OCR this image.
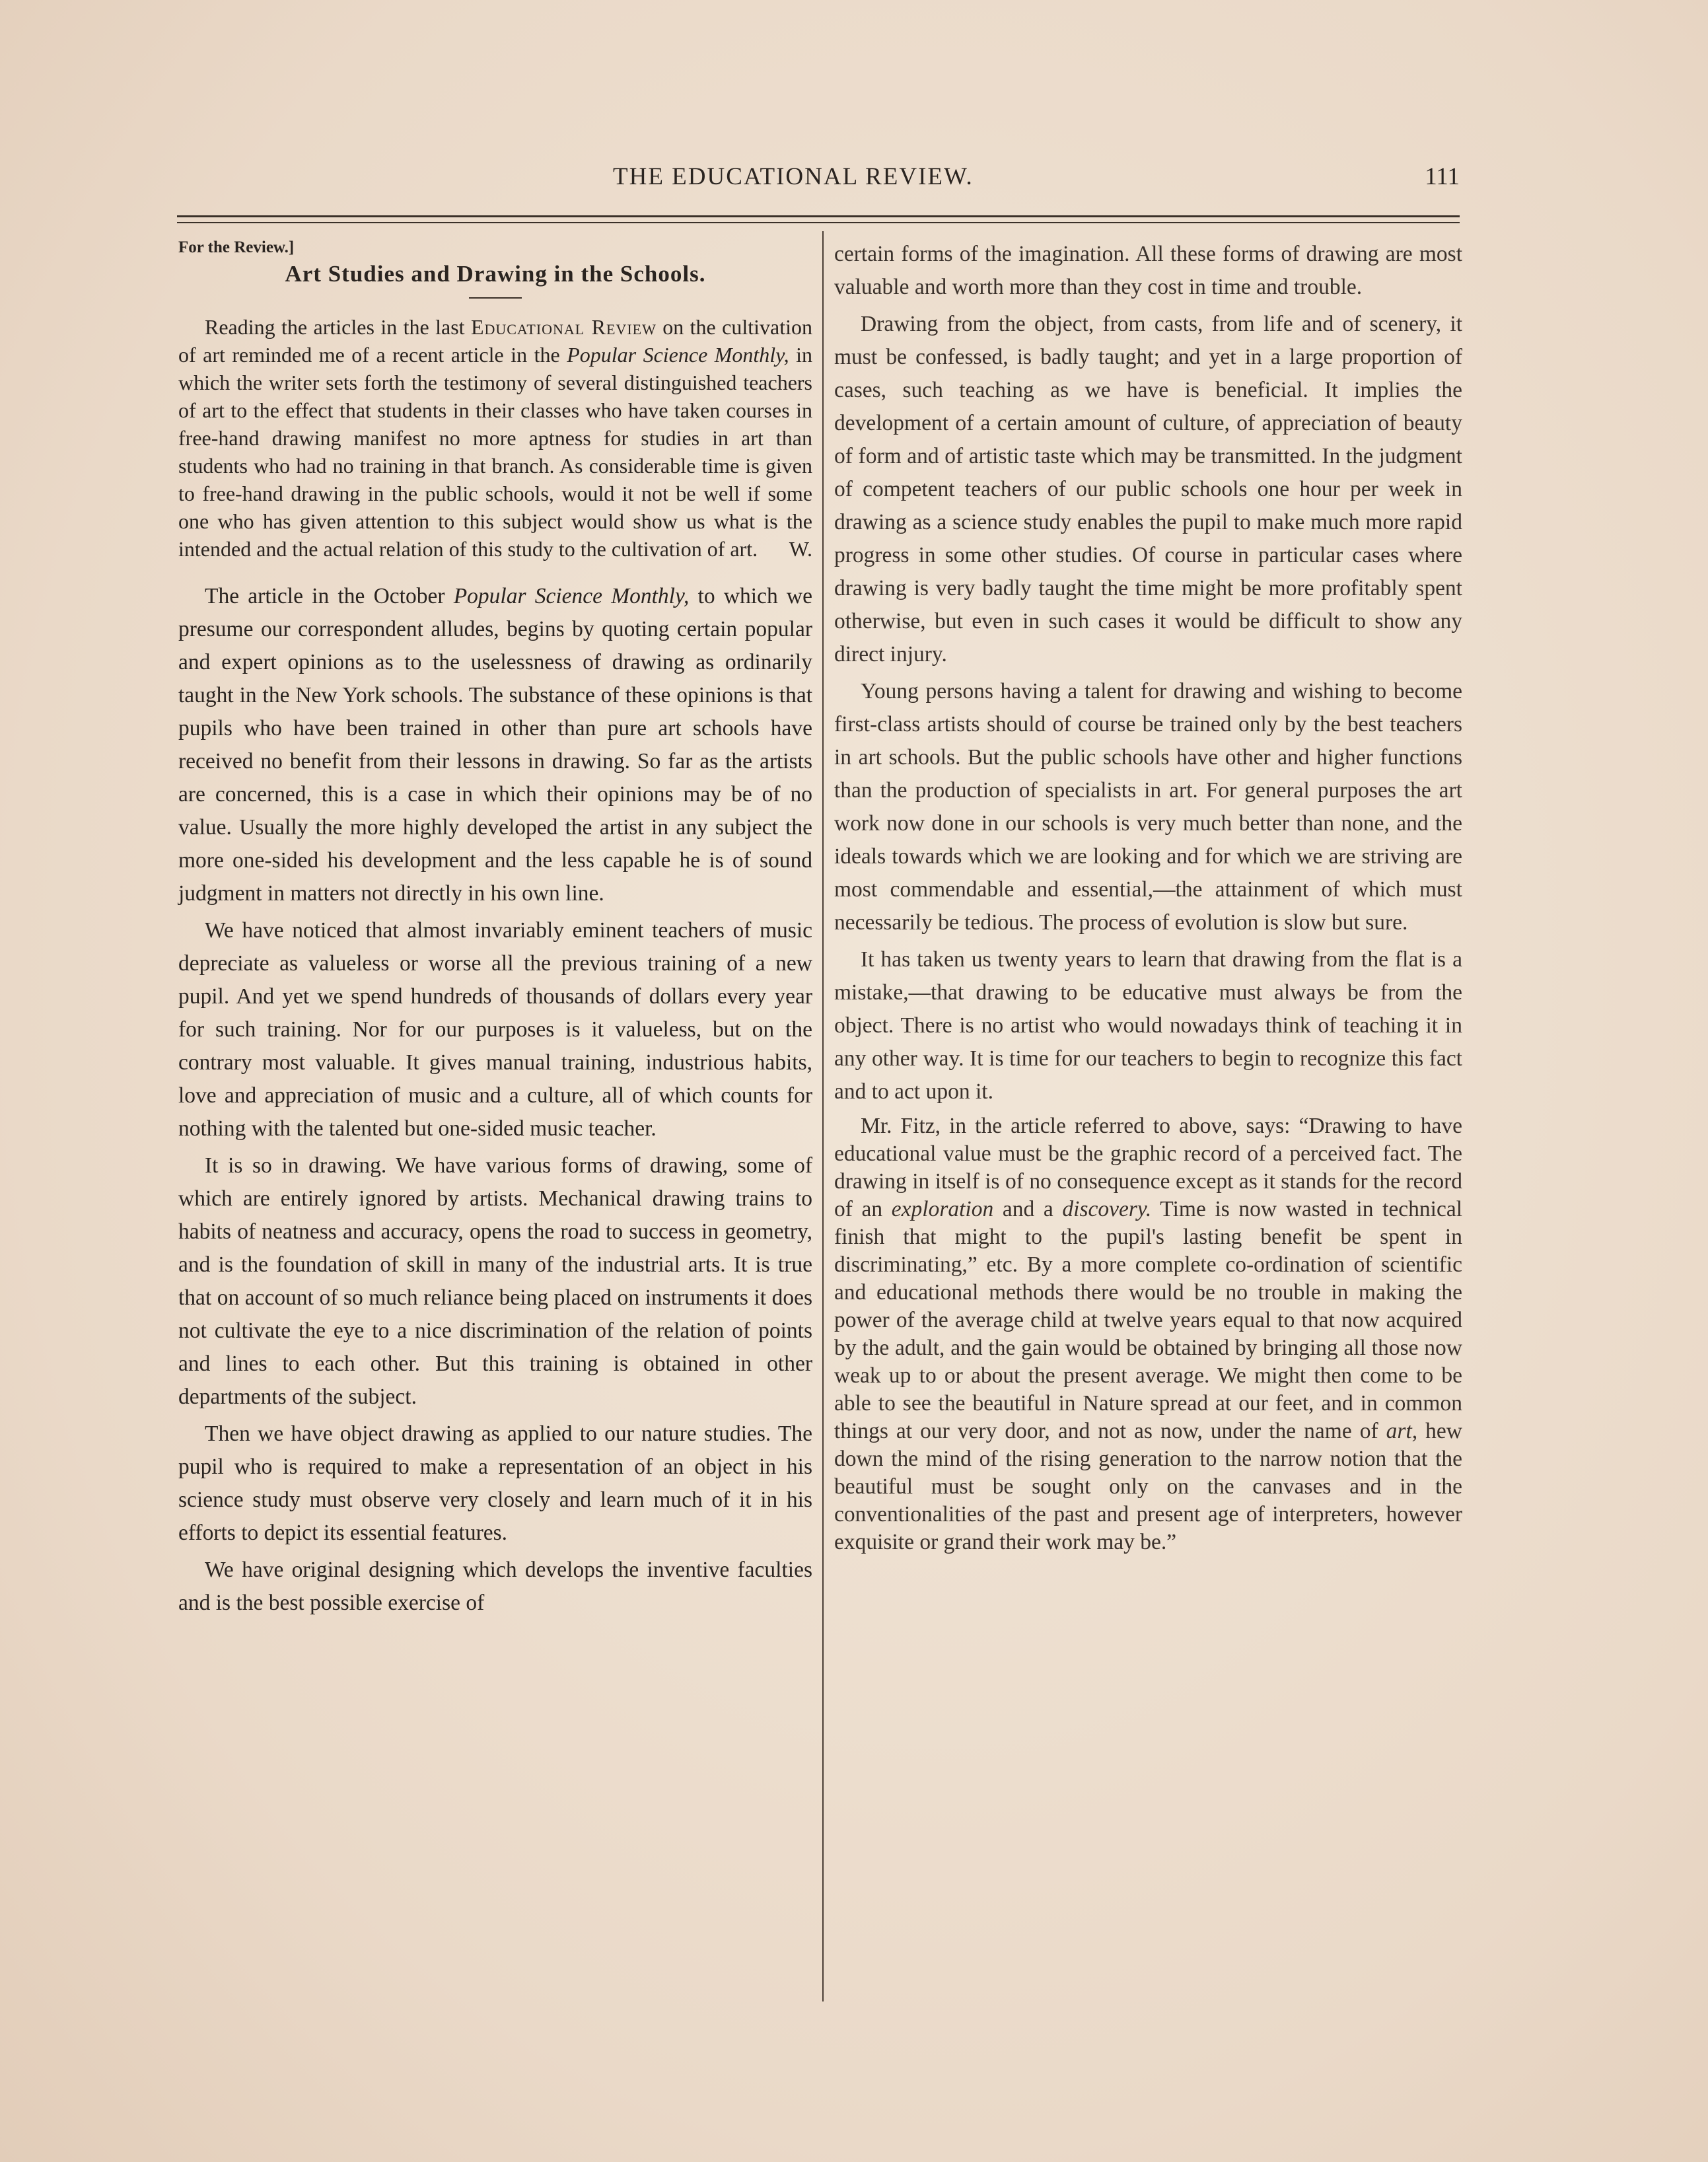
THE EDUCATIONAL REVIEW.	111

For the Review.]

Art Studies and Drawing in the Schools.

Reading the articles in the last Educational Review on the cultivation of art reminded me of a recent article in the Popular Science Monthly, in which the writer sets forth the testimony of several distinguished teachers of art to the effect that students in their classes who have taken courses in free-hand drawing manifest no more aptness for studies in art than students who had no training in that branch. As considerable time is given to free-hand drawing in the public schools, would it not be well if some one who has given attention to this subject would show us what is the intended and the actual relation of this study to the cultivation of art.	W.

The article in the October Popular Science Monthly, to which we presume our correspondent alludes, begins by quoting certain popular and expert opinions as to the uselessness of drawing as ordinarily taught in the New York schools. The substance of these opinions is that pupils who have been trained in other than pure art schools have received no benefit from their lessons in drawing. So far as the artists are concerned, this is a case in which their opinions may be of no value. Usually the more highly developed the artist in any subject the more one-sided his development and the less capable he is of sound judgment in matters not directly in his own line.

We have noticed that almost invariably eminent teachers of music depreciate as valueless or worse all the previous training of a new pupil. And yet we spend hundreds of thousands of dollars every year for such training. Nor for our purposes is it valueless, but on the contrary most valuable. It gives manual training, industrious habits, love and appreciation of music and a culture, all of which counts for nothing with the talented but one-sided music teacher.

It is so in drawing. We have various forms of drawing, some of which are entirely ignored by artists. Mechanical drawing trains to habits of neatness and accuracy, opens the road to success in geometry, and is the foundation of skill in many of the industrial arts. It is true that on account of so much reliance being placed on instruments it does not cultivate the eye to a nice discrimination of the relation of points and lines to each other. But this training is obtained in other departments of the subject.

Then we have object drawing as applied to our nature studies. The pupil who is required to make a representation of an object in his science study must observe very closely and learn much of it in his efforts to depict its essential features.

We have original designing which develops the inventive faculties and is the best possible exercise of

certain forms of the imagination. All these forms of drawing are most valuable and worth more than they cost in time and trouble.

Drawing from the object, from casts, from life and of scenery, it must be confessed, is badly taught; and yet in a large proportion of cases, such teaching as we have is beneficial. It implies the development of a certain amount of culture, of appreciation of beauty of form and of artistic taste which may be transmitted. In the judgment of competent teachers of our public schools one hour per week in drawing as a science study enables the pupil to make much more rapid progress in some other studies. Of course in particular cases where drawing is very badly taught the time might be more profitably spent otherwise, but even in such cases it would be difficult to show any direct injury.

Young persons having a talent for drawing and wishing to become first-class artists should of course be trained only by the best teachers in art schools. But the public schools have other and higher functions than the production of specialists in art. For general purposes the art work now done in our schools is very much better than none, and the ideals towards which we are looking and for which we are striving are most commendable and essential,—the attainment of which must necessarily be tedious. The process of evolution is slow but sure.

It has taken us twenty years to learn that drawing from the flat is a mistake,—that drawing to be educative must always be from the object. There is no artist who would nowadays think of teaching it in any other way. It is time for our teachers to begin to recognize this fact and to act upon it.

Mr. Fitz, in the article referred to above, says: “Drawing to have educational value must be the graphic record of a perceived fact. The drawing in itself is of no consequence except as it stands for the record of an exploration and a discovery. Time is now wasted in technical finish that might to the pupil's lasting benefit be spent in discriminating,” etc. By a more complete co-ordination of scientific and educational methods there would be no trouble in making the power of the average child at twelve years equal to that now acquired by the adult, and the gain would be obtained by bringing all those now weak up to or about the present average. We might then come to be able to see the beautiful in Nature spread at our feet, and in common things at our very door, and not as now, under the name of art, hew down the mind of the rising generation to the narrow notion that the beautiful must be sought only on the canvases and in the conventionalities of the past and present age of interpreters, however exquisite or grand their work may be.”
